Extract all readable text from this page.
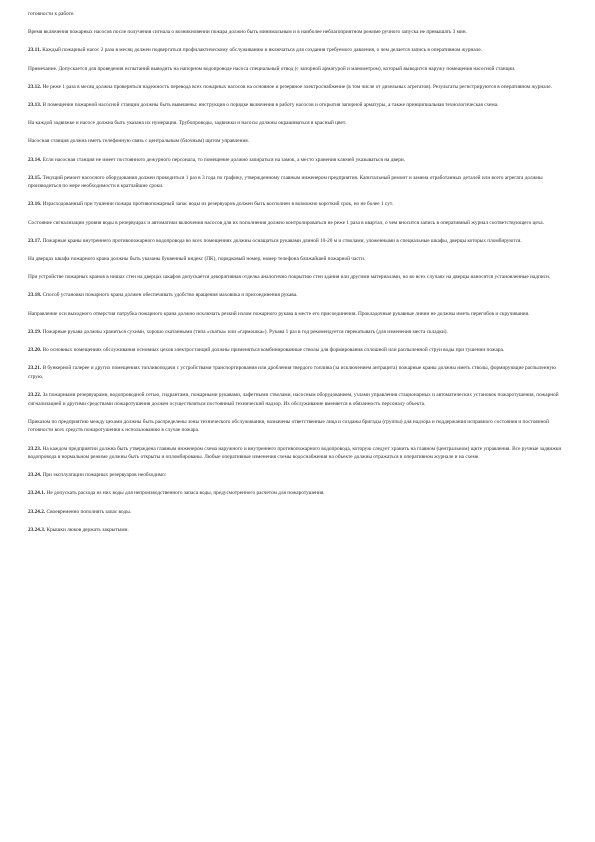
готовности к работе.

Время включения пожарных насосов после получения сигнала о возникновении пожара должно быть минимальным и в наиболее неблагоприятном режиме ручного запуска не превышать 3 мин.

23.11. Каждый пожарный насос 2 раза в месяц должен подвергаться профилактическому обслуживанию и включаться для создания требуемого давления, о чем делается запись в оперативном журнале.

Примечание. Допускается для проведения испытаний выводить на напорном водопроводе насоса специальный отвод (с запорной арматурой и манометром), который выводится наружу помещения насосной станции.

23.12. Не реже 1 раза в месяц должна проверяться надежность перевода всех пожарных насосов на основное и резервное электроснабжение (в том числе от дизельных агрегатов). Результаты регистрируются в оперативном журнале.

23.13. В помещении пожарной насосной станции должны быть вывешены: инструкция о порядке включения в работу насосов и открытия запорной арматуры, а также принципиальная технологическая схема.

На каждой задвижке и насосе должна быть указана их нумерация. Трубопроводы, задвижки и насосы должны окрашиваться в красный цвет.

Насосная станция должна иметь телефонную связь с центральным (блочным) щитом управления.

23.14. Если насосная станция не имеет постоянного дежурного персонала, то помещение должно запираться на замок, а место хранения ключей указываться на двери.

23.15. Текущий ремонт насосного оборудования должен проводиться 1 раз в 3 года по графику, утвержденному главным инженером предприятия. Капитальный ремонт и замена отработанных деталей или всего агрегата должны производиться по мере необходимости в кратчайшие сроки.

23.16. Израсходованный при тушении пожара противопожарный запас воды из резервуаров должен быть восполнен в возможно короткий срок, но не более 1 сут.

Состояние сигнализации уровня воды в резервуарах и автоматики включения насосов для их пополнения должно контролироваться не реже 1 раза в квартал, о чем вносится запись в оперативный журнал соответствующего цеха.

23.17. Пожарные краны внутреннего противопожарного водопровода во всех помещениях должны оснащаться рукавами длиной 10-20 м и стволами, уложенными в специальные шкафы, дверцы которых пломбируются.

На дверцах шкафа пожарного крана должны быть указаны буквенный индекс (ПК), порядковый номер, номер телефона ближайшей пожарной части.

При устройстве пожарных кранов в нишах стен на дверцах шкафов допускается декоративная отделка аналогично покрытию стен здания или другими материалами, но во всех случаях на дверцы наносятся установленные надписи.

23.18. Способ установки пожарного крана должен обеспечивать удобство вращения маховика и присоединения рукава.

Направление оси выходного отверстия патрубка пожарного крана должно исключать резкий излом пожарного рукава в месте его присоединения. Прокладочные рукавные линии не должны иметь перегибов и скручивания.

23.19. Пожарные рукава должны храниться сухими, хорошо скатанными (типа «скатка» или «гармошка»). Рукава 1 раз в год рекомендуется перекатывать (для изменения места складки).

23.20. Во основных помещениях обслуживания основных цехов электростанций должны применяться комбинированные стволы для формирования сплошной или распыленной струи воды при тушении пожара.

23.21. В бункерной галерее и других помещениях топливоподачи с устройствами транспортирования или дробления твердого топлива (за исключением антрацита) пожарные краны должны иметь стволы, формирующие распыленную струю.

23.22. За пожарными резервуарами, водопроводной сетью, гидрантами, пожарными рукавами, лафетными стволами, насосным оборудованием, узлами управления стационарных и автоматических установок пожаротушения, пожарной сигнализацией и другими средствами пожаротушения должен осуществляться постоянный технический надзор. Их обслуживание вменяется в обязанность персоналу объекта.

Приказом по предприятию между цехами должны быть распределены зоны технического обслуживания, назначены ответственные лица и созданы бригады (группы) для надзора и поддержания исправного состояния и постоянной готовности всех средств пожаротушения к использованию в случае пожара.

23.23. На каждом предприятии должна быть утверждена главным инженером схема наружного и внутреннего противопожарного водопровода, которую следует хранить на главном (центральном) щите управления. Все ручные задвижки водопровода в нормальном режиме должны быть открыты и опломбированы. Любые оперативные изменения схемы водоснабжения на объекте должны отражаться в оперативном журнале и на схеме.

23.24. При эксплуатации пожарных резервуаров необходимо:

23.24.1. Не допускать расхода из них воды для непроизводственного запаса воды, предусмотренного расчетом для пожаротушения.

23.24.2. Своевременно пополнять запас воды.

23.24.3. Крышки люков держать закрытыми.
